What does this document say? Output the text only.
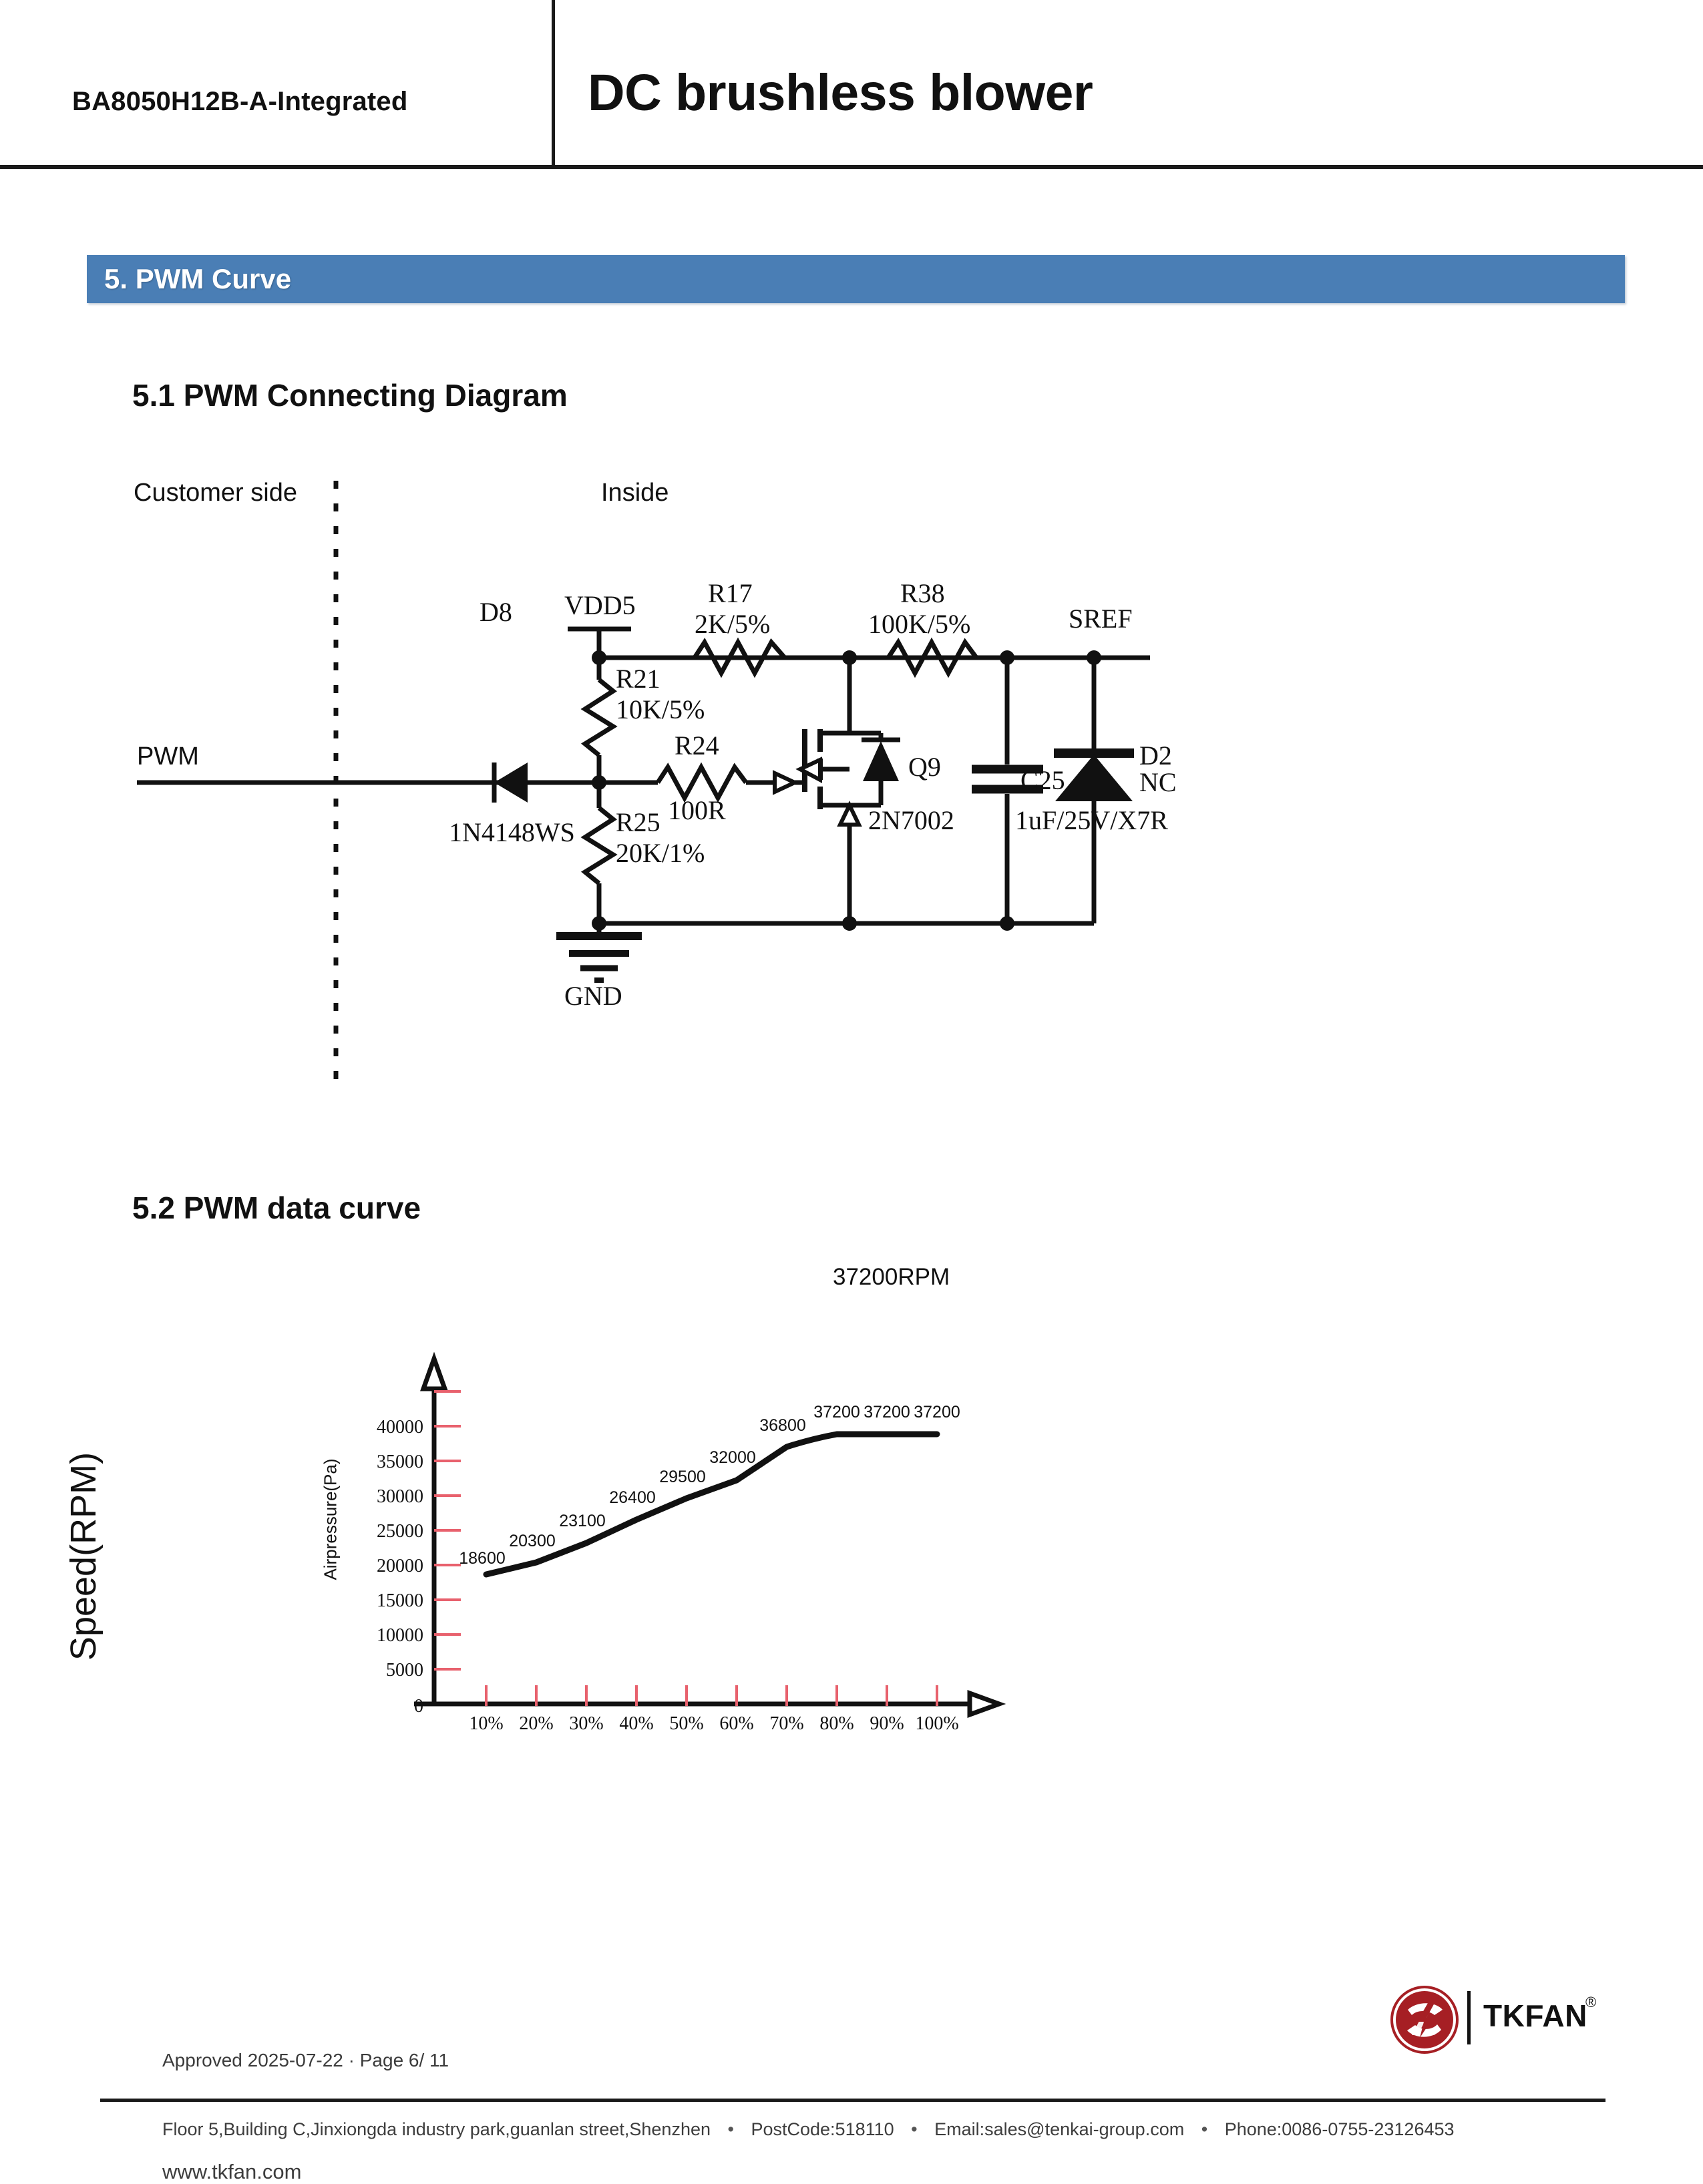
BA8050H12B-A-Integrated	DC brushless blower
5. PWM Curve
5.1 PWM Connecting Diagram
Customer side	Inside
PWM
VDD5
GND
D8
1N4148WS
R17
2K/5%
R38
100K/5%	SREF
R21
10K/5%
R24
100R
R25
20K/1%
Q9
2N7002
C25
1uF/25V/X7R
D2
NC
5.2 PWM data curve
Speed(RPM)	Airpressure(Pa)
37200RPM
0
5000
10000
15000
20000
25000
30000
35000
40000
10% 20% 30% 40% 50% 60% 70% 80% 90% 100%
18600
20300
23100
26400
29500
32000
36800
37200 37200 37200
TKFAN
®
Approved 2025-07-22 · Page 6/ 11
Floor 5,Building C,Jinxiongda industry park,guanlan street,Shenzhen • PostCode:518110 • Email:sales@tenkai-group.com • Phone:0086-0755-23126453
www.tkfan.com
